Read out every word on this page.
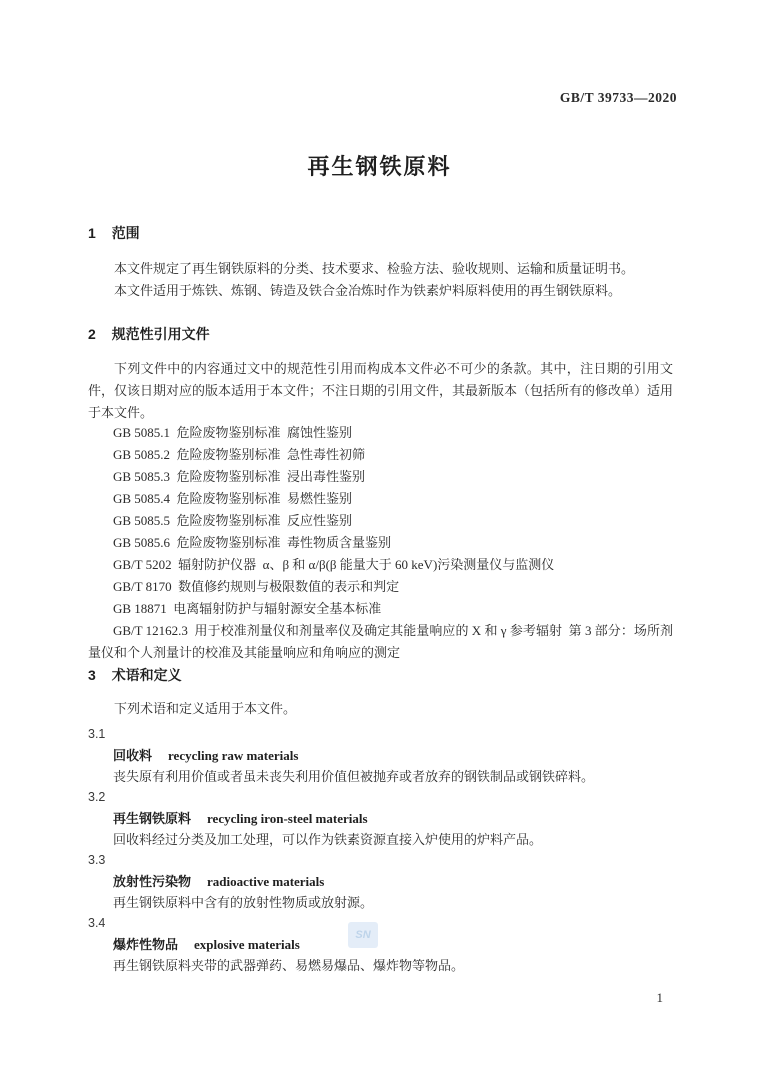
GB/T 39733—2020
再生钢铁原料
1 范围

本文件规定了再生钢铁原料的分类、技术要求、检验方法、验收规则、运输和质量证明书。

本文件适用于炼铁、炼钢、铸造及铁合金冶炼时作为铁素炉料原料使用的再生钢铁原料。

2 规范性引用文件

下列文件中的内容通过文中的规范性引用而构成本文件必不可少的条款。其中，注日期的引用文件，仅该日期对应的版本适用于本文件；不注日期的引用文件，其最新版本（包括所有的修改单）适用于本文件。

GB 5085.1  危险废物鉴别标准  腐蚀性鉴别
GB 5085.2  危险废物鉴别标准  急性毒性初筛
GB 5085.3  危险废物鉴别标准  浸出毒性鉴别
GB 5085.4  危险废物鉴别标准  易燃性鉴别
GB 5085.5  危险废物鉴别标准  反应性鉴别
GB 5085.6  危险废物鉴别标准  毒性物质含量鉴别
GB/T 5202  辐射防护仪器  α、β 和 α/β(β 能量大于 60 keV)污染测量仪与监测仪
GB/T 8170  数值修约规则与极限数值的表示和判定
GB 18871  电离辐射防护与辐射源安全基本标准
GB/T 12162.3  用于校准剂量仪和剂量率仪及确定其能量响应的 X 和 γ 参考辐射  第 3 部分：场所剂量仪和个人剂量计的校准及其能量响应和角响应的测定
3 术语和定义

下列术语和定义适用于本文件。

3.1
回收料 recycling raw materials
丧失原有利用价值或者虽未丧失利用价值但被抛弃或者放弃的钢铁制品或钢铁碎料。
3.2
再生钢铁原料 recycling iron-steel materials
回收料经过分类及加工处理，可以作为铁素资源直接入炉使用的炉料产品。
3.3
放射性污染物 radioactive materials
再生钢铁原料中含有的放射性物质或放射源。
3.4
爆炸性物品 explosive materials
再生钢铁原料夹带的武器弹药、易燃易爆品、爆炸物等物品。
SN
1
